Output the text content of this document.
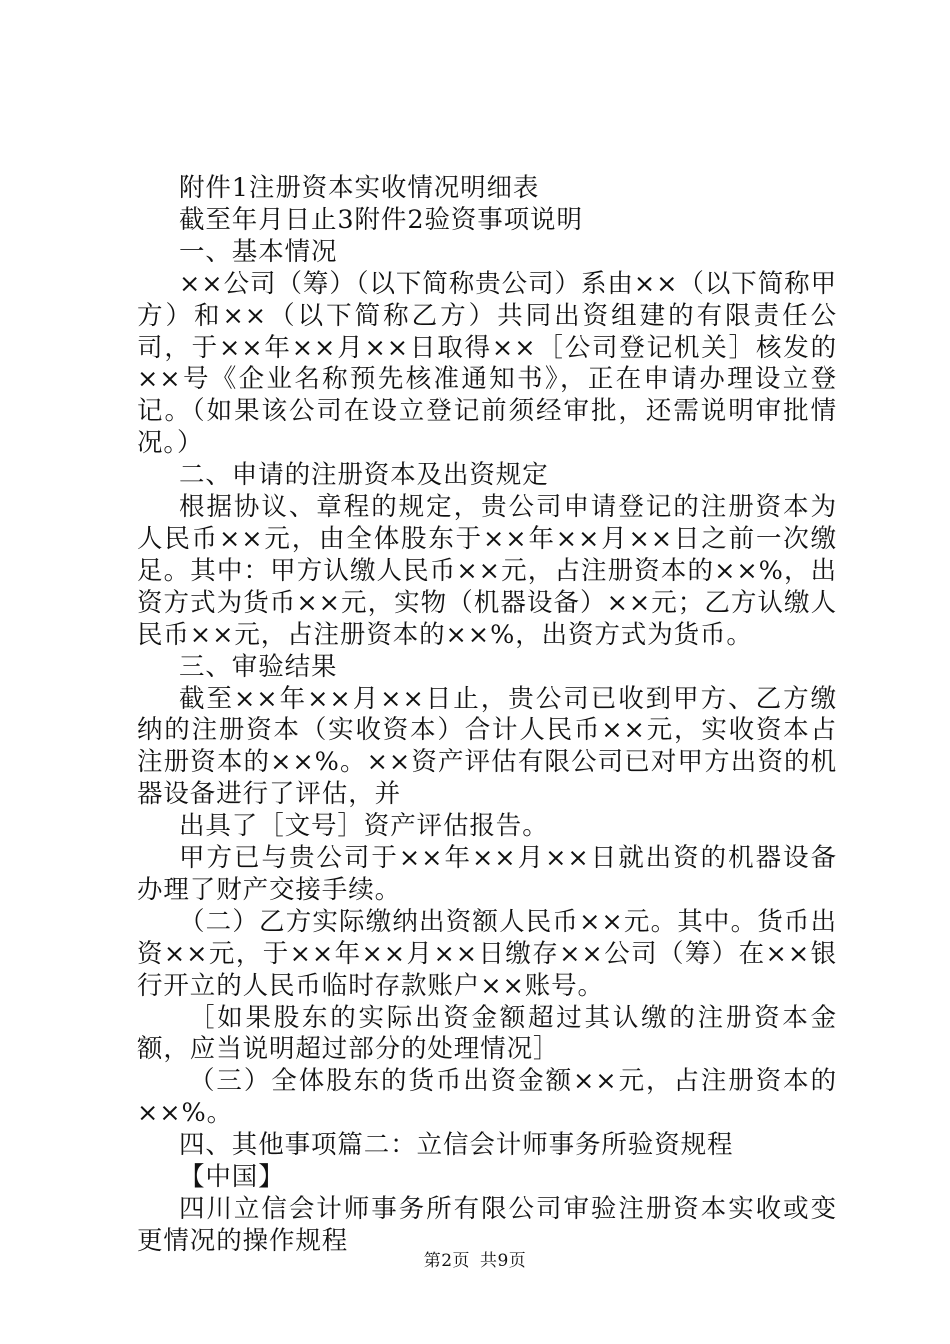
附件1注册资本实收情况明细表

截至年月日止3附件2验资事项说明

一、基本情况

××公司（筹）（以下简称贵公司）系由××（以下简称甲方）和××（以下简称乙方）共同出资组建的有限责任公司，于××年××月××日取得××［公司登记机关］核发的××号《企业名称预先核准通知书》，正在申请办理设立登记。（如果该公司在设立登记前须经审批，还需说明审批情况。）

二、申请的注册资本及出资规定

根据协议、章程的规定，贵公司申请登记的注册资本为人民币××元，由全体股东于××年××月××日之前一次缴足。其中：甲方认缴人民币××元，占注册资本的××%，出资方式为货币××元，实物（机器设备）××元；乙方认缴人民币××元，占注册资本的××%，出资方式为货币。

三、审验结果

截至××年××月××日止，贵公司已收到甲方、乙方缴纳的注册资本（实收资本）合计人民币××元，实收资本占注册资本的××%。××资产评估有限公司已对甲方出资的机器设备进行了评估，并

出具了［文号］资产评估报告。

甲方已与贵公司于××年××月××日就出资的机器设备办理了财产交接手续。

（二）乙方实际缴纳出资额人民币××元。其中。货币出资××元，于××年××月××日缴存××公司（筹）在××银行开立的人民币临时存款账户××账号。

［如果股东的实际出资金额超过其认缴的注册资本金额，应当说明超过部分的处理情况］

（三）全体股东的货币出资金额××元，占注册资本的××%。

四、其他事项篇二：立信会计师事务所验资规程

【中国】

四川立信会计师事务所有限公司审验注册资本实收或变更情况的操作规程

第2页 共9页
